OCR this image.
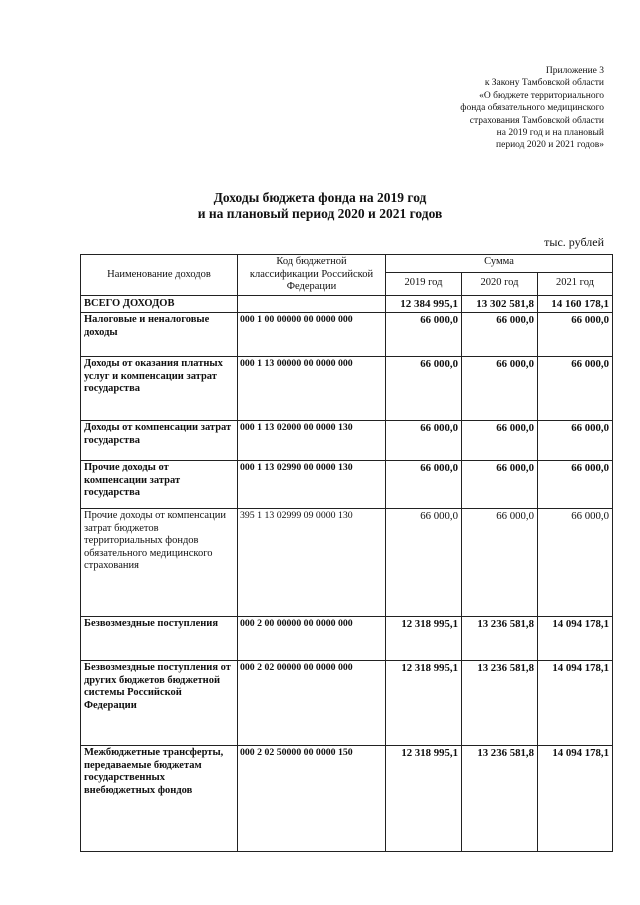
Приложение 3
к Закону Тамбовской области
«О бюджете территориального
фонда обязательного медицинского
страхования Тамбовской области
на 2019 год и на плановый
период 2020 и 2021 годов»
Доходы бюджета фонда на 2019 год
и на плановый период 2020 и 2021 годов
тыс. рублей
Наименование доходов	Код бюджетной классификации Российской Федерации	Сумма		
		2019 год	2020 год	2021 год
ВСЕГО ДОХОДОВ		12 384 995,1	13 302 581,8	14 160 178,1
Налоговые и неналоговые доходы	000 1 00 00000 00 0000 000	66 000,0	66 000,0	66 000,0
Доходы от оказания платных услуг и компенсации затрат государства	000 1 13 00000 00 0000 000	66 000,0	66 000,0	66 000,0
Доходы от компенсации затрат государства	000 1 13 02000 00 0000 130	66 000,0	66 000,0	66 000,0
Прочие доходы от компенсации затрат государства	000 1 13 02990 00 0000 130	66 000,0	66 000,0	66 000,0
Прочие доходы от компенсации затрат бюджетов территориальных фондов обязательного медицинского страхования	395 1 13 02999 09 0000 130	66 000,0	66 000,0	66 000,0
Безвозмездные поступления	000 2 00 00000 00 0000 000	12 318 995,1	13 236 581,8	14 094 178,1
Безвозмездные поступления от других бюджетов бюджетной системы Российской Федерации	000 2 02 00000 00 0000 000	12 318 995,1	13 236 581,8	14 094 178,1
Межбюджетные трансферты, передаваемые бюджетам государственных внебюджетных фондов	000 2 02 50000 00 0000 150	12 318 995,1	13 236 581,8	14 094 178,1
